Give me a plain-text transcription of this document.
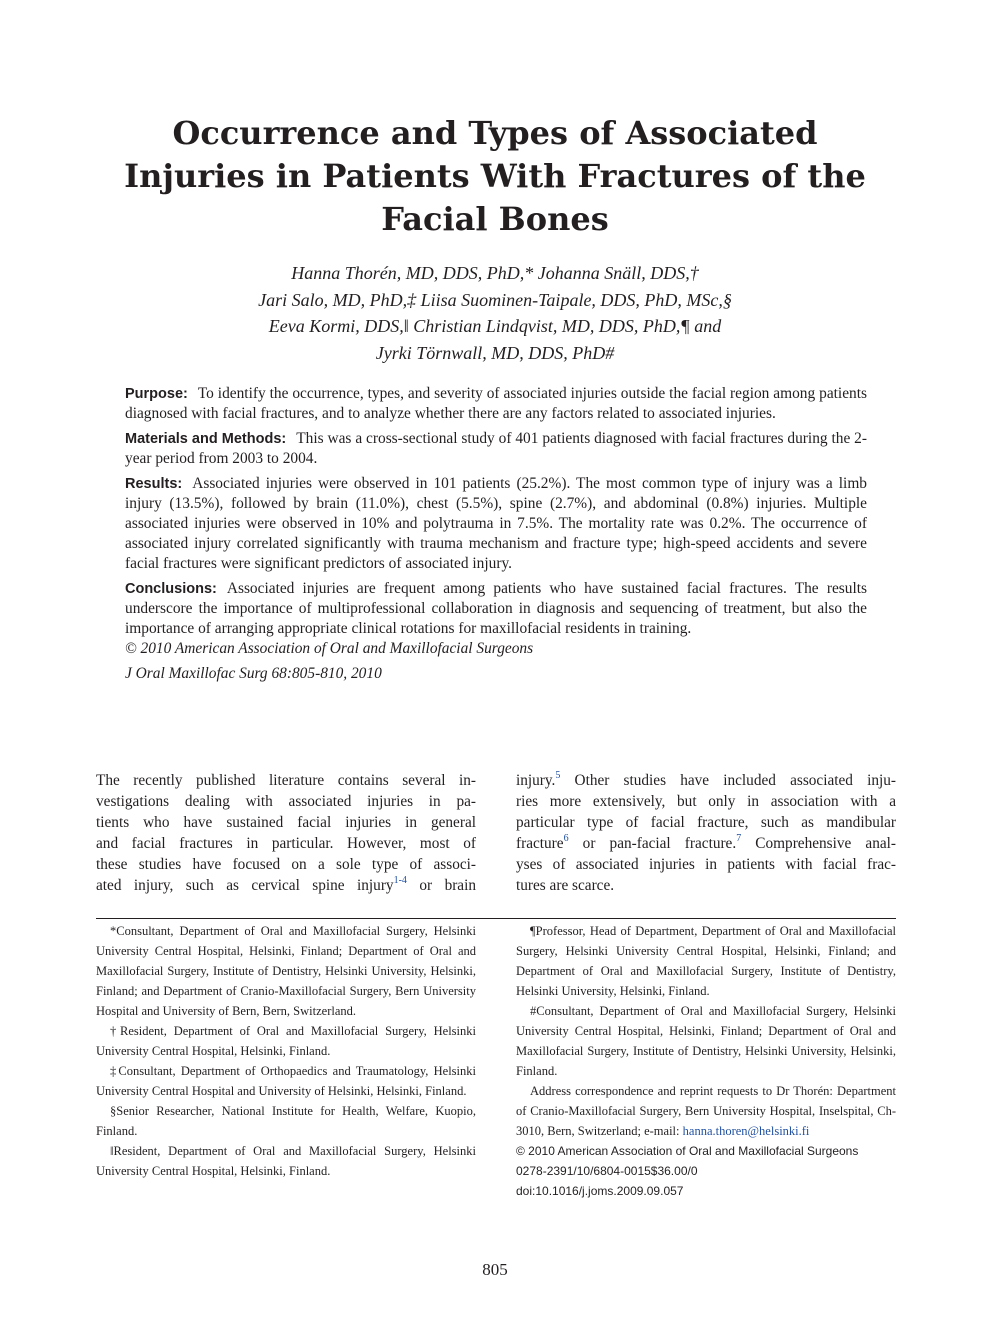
Occurrence and Types of Associated
Injuries in Patients With Fractures of the
Facial Bones
Hanna Thorén, MD, DDS, PhD,* Johanna Snäll, DDS,†
Jari Salo, MD, PhD,‡ Liisa Suominen-Taipale, DDS, PhD, MSc,§
Eeva Kormi, DDS,‖ Christian Lindqvist, MD, DDS, PhD,¶ and
Jyrki Törnwall, MD, DDS, PhD#

Purpose: To identify the occurrence, types, and severity of associated injuries outside the facial region among patients diagnosed with facial fractures, and to analyze whether there are any factors related to associated injuries.

Materials and Methods: This was a cross-sectional study of 401 patients diagnosed with facial fractures during the 2-year period from 2003 to 2004.

Results: Associated injuries were observed in 101 patients (25.2%). The most common type of injury was a limb injury (13.5%), followed by brain (11.0%), chest (5.5%), spine (2.7%), and abdominal (0.8%) injuries. Multiple associated injuries were observed in 10% and polytrauma in 7.5%. The mortality rate was 0.2%. The occurrence of associated injury correlated significantly with trauma mechanism and fracture type; high-speed accidents and severe facial fractures were significant predictors of associated injury.

Conclusions: Associated injuries are frequent among patients who have sustained facial fractures. The results underscore the importance of multiprofessional collaboration in diagnosis and sequencing of treatment, but also the importance of arranging appropriate clinical rotations for maxillofacial residents in training.

© 2010 American Association of Oral and Maxillofacial Surgeons

J Oral Maxillofac Surg 68:805-810, 2010

The recently published literature contains several in-
vestigations dealing with associated injuries in pa-
tients who have sustained facial injuries in general
and facial fractures in particular. However, most of
these studies have focused on a sole type of associ-
ated injury, such as cervical spine injury$^{1-4}$ or brain
injury.$^5$ Other studies have included associated inju-
ries more extensively, but only in association with a
particular type of facial fracture, such as mandibular
fracture$^6$ or pan-facial fracture.$^7$ Comprehensive anal-
yses of associated injuries in patients with facial frac-
tures are scarce.

*Consultant, Department of Oral and Maxillofacial Surgery, Helsinki University Central Hospital, Helsinki, Finland; Department of Oral and Maxillofacial Surgery, Institute of Dentistry, Helsinki University, Helsinki, Finland; and Department of Cranio-Maxillofacial Surgery, Bern University Hospital and University of Bern, Bern, Switzerland.

†Resident, Department of Oral and Maxillofacial Surgery, Helsinki University Central Hospital, Helsinki, Finland.

‡Consultant, Department of Orthopaedics and Traumatology, Helsinki University Central Hospital and University of Helsinki, Helsinki, Finland.

§Senior Researcher, National Institute for Health, Welfare, Kuopio, Finland.

‖Resident, Department of Oral and Maxillofacial Surgery, Helsinki University Central Hospital, Helsinki, Finland.

¶Professor, Head of Department, Department of Oral and Maxillofacial Surgery, Helsinki University Central Hospital, Helsinki, Finland; and Department of Oral and Maxillofacial Surgery, Institute of Dentistry, Helsinki University, Helsinki, Finland.

#Consultant, Department of Oral and Maxillofacial Surgery, Helsinki University Central Hospital, Helsinki, Finland; Department of Oral and Maxillofacial Surgery, Institute of Dentistry, Helsinki University, Helsinki, Finland.

Address correspondence and reprint requests to Dr Thorén: Department of Cranio-Maxillofacial Surgery, Bern University Hospital, Inselspital, Ch-3010, Bern, Switzerland; e-mail: hanna.thoren@helsinki.fi

© 2010 American Association of Oral and Maxillofacial Surgeons

0278-2391/10/6804-0015$36.00/0

doi:10.1016/j.joms.2009.09.057

805
